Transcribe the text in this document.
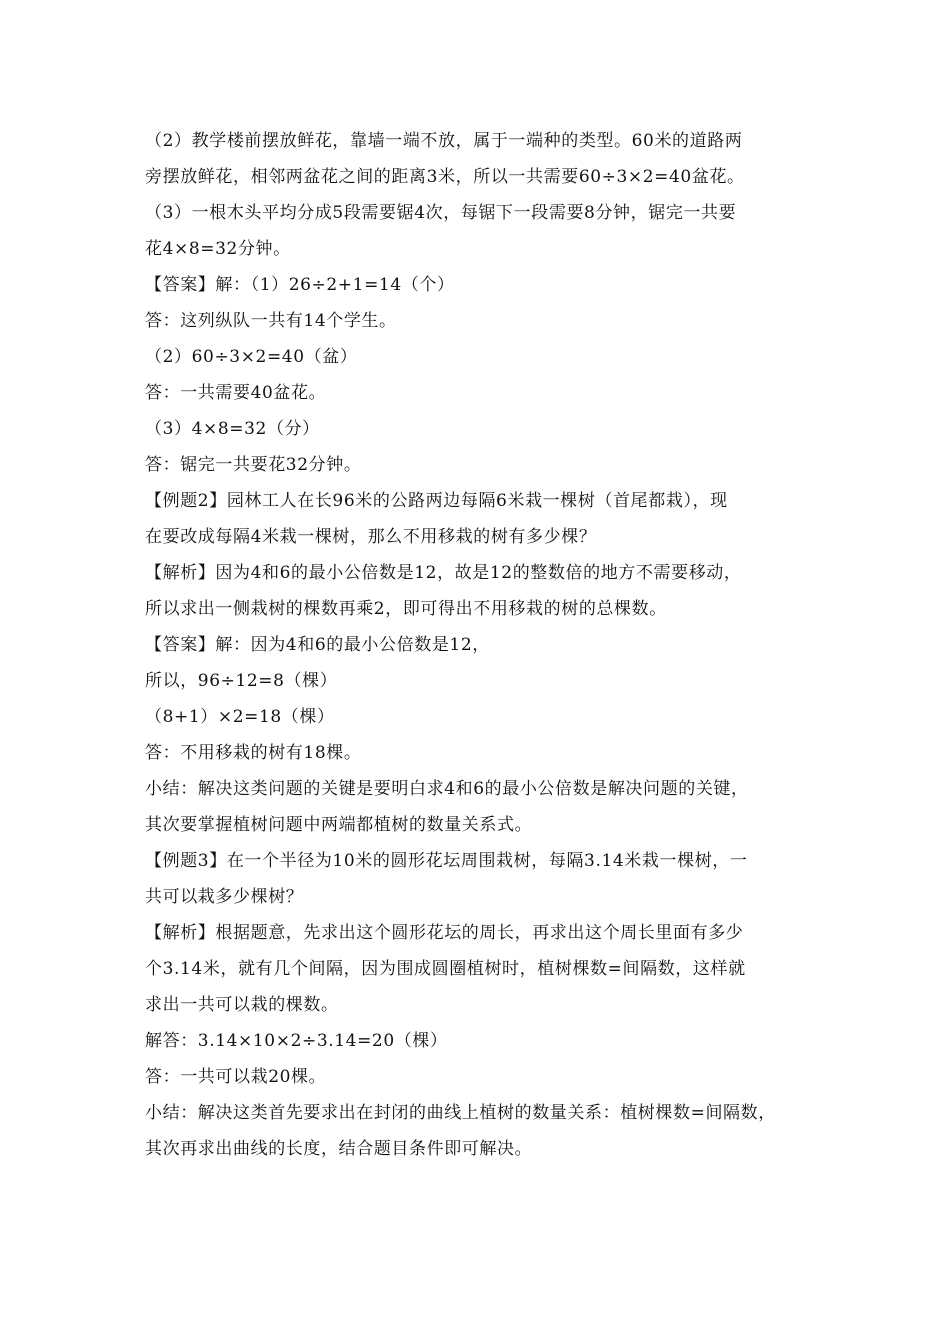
（2）教学楼前摆放鲜花，靠墙一端不放，属于一端种的类型。60米的道路两
旁摆放鲜花，相邻两盆花之间的距离3米，所以一共需要60÷3×2=40盆花。
（3）一根木头平均分成5段需要锯4次，每锯下一段需要8分钟，锯完一共要
花4×8=32分钟。
【答案】解：（1）26÷2+1=14（个）
答：这列纵队一共有14个学生。
（2）60÷3×2=40（盆）
答：一共需要40盆花。
（3）4×8=32（分）
答：锯完一共要花32分钟。
【例题2】园林工人在长96米的公路两边每隔6米栽一棵树（首尾都栽），现
在要改成每隔4米栽一棵树，那么不用移栽的树有多少棵？
【解析】因为4和6的最小公倍数是12，故是12的整数倍的地方不需要移动，
所以求出一侧栽树的棵数再乘2，即可得出不用移栽的树的总棵数。
【答案】解：因为4和6的最小公倍数是12，
所以，96÷12=8（棵）
（8+1）×2=18（棵）
答：不用移栽的树有18棵。
小结：解决这类问题的关键是要明白求4和6的最小公倍数是解决问题的关键，
其次要掌握植树问题中两端都植树的数量关系式。
【例题3】在一个半径为10米的圆形花坛周围栽树，每隔3.14米栽一棵树，一
共可以栽多少棵树？
【解析】根据题意，先求出这个圆形花坛的周长，再求出这个周长里面有多少
个3.14米，就有几个间隔，因为围成圆圈植树时，植树棵数=间隔数，这样就
求出一共可以栽的棵数。
解答：3.14×10×2÷3.14=20（棵）
答：一共可以栽20棵。
小结：解决这类首先要求出在封闭的曲线上植树的数量关系：植树棵数=间隔数，
其次再求出曲线的长度，结合题目条件即可解决。
